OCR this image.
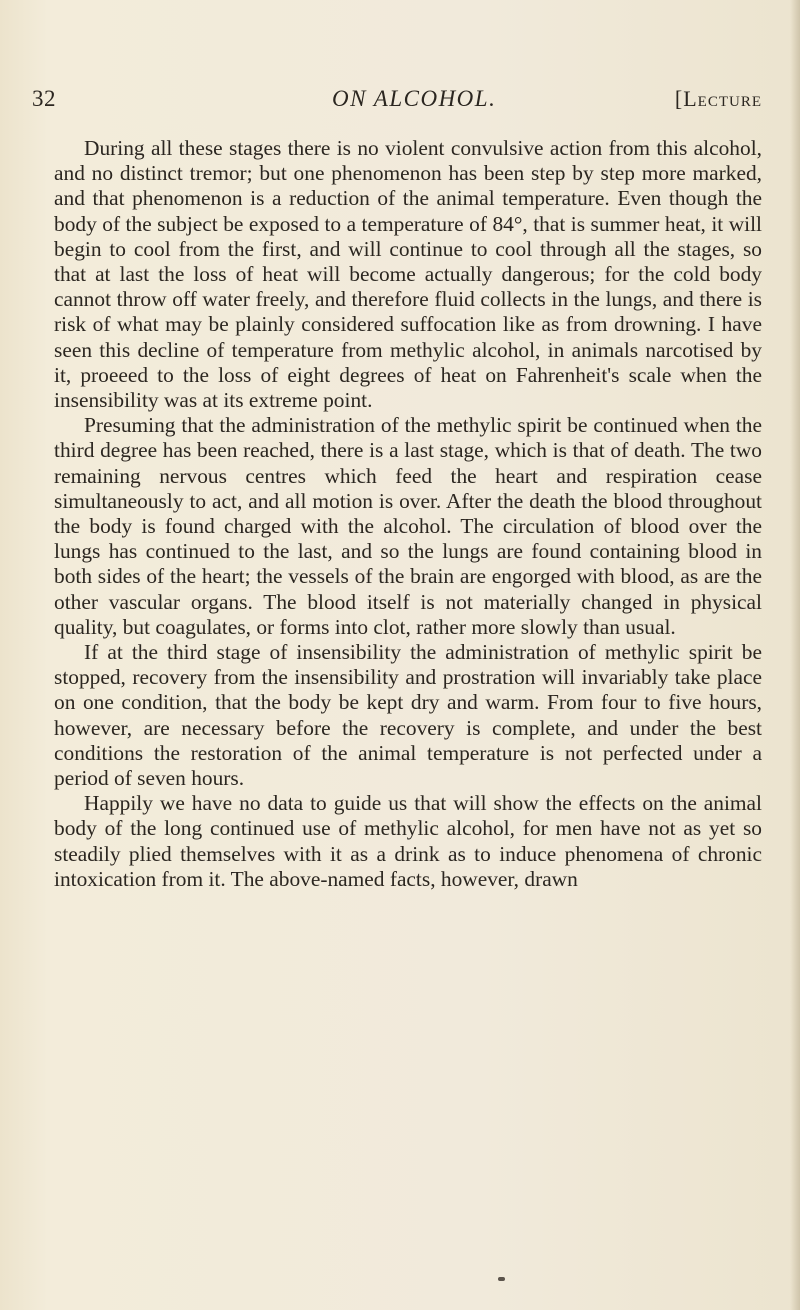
32	ON ALCOHOL.	[Lecture

During all these stages there is no violent convulsive action from this alcohol, and no distinct tremor; but one phenomenon has been step by step more marked, and that phenomenon is a reduction of the animal temperature. Even though the body of the subject be exposed to a temperature of 84°, that is summer heat, it will begin to cool from the first, and will continue to cool through all the stages, so that at last the loss of heat will become actually dangerous; for the cold body cannot throw off water freely, and therefore fluid collects in the lungs, and there is risk of what may be plainly considered suffocation like as from drowning. I have seen this decline of temperature from methylic alcohol, in animals narcotised by it, proeeed to the loss of eight degrees of heat on Fahrenheit's scale when the insensibility was at its extreme point.

Presuming that the administration of the methylic spirit be continued when the third degree has been reached, there is a last stage, which is that of death. The two remaining nervous centres which feed the heart and respiration cease simultaneously to act, and all motion is over. After the death the blood throughout the body is found charged with the alcohol. The circulation of blood over the lungs has continued to the last, and so the lungs are found containing blood in both sides of the heart; the vessels of the brain are engorged with blood, as are the other vascular organs. The blood itself is not materially changed in physical quality, but coagulates, or forms into clot, rather more slowly than usual.

If at the third stage of insensibility the administration of methylic spirit be stopped, recovery from the insensibility and prostration will invariably take place on one condition, that the body be kept dry and warm. From four to five hours, however, are necessary before the recovery is complete, and under the best conditions the restoration of the animal temperature is not perfected under a period of seven hours.

Happily we have no data to guide us that will show the effects on the animal body of the long continued use of methylic alcohol, for men have not as yet so steadily plied themselves with it as a drink as to induce phenomena of chronic intoxication from it. The above-named facts, however, drawn
